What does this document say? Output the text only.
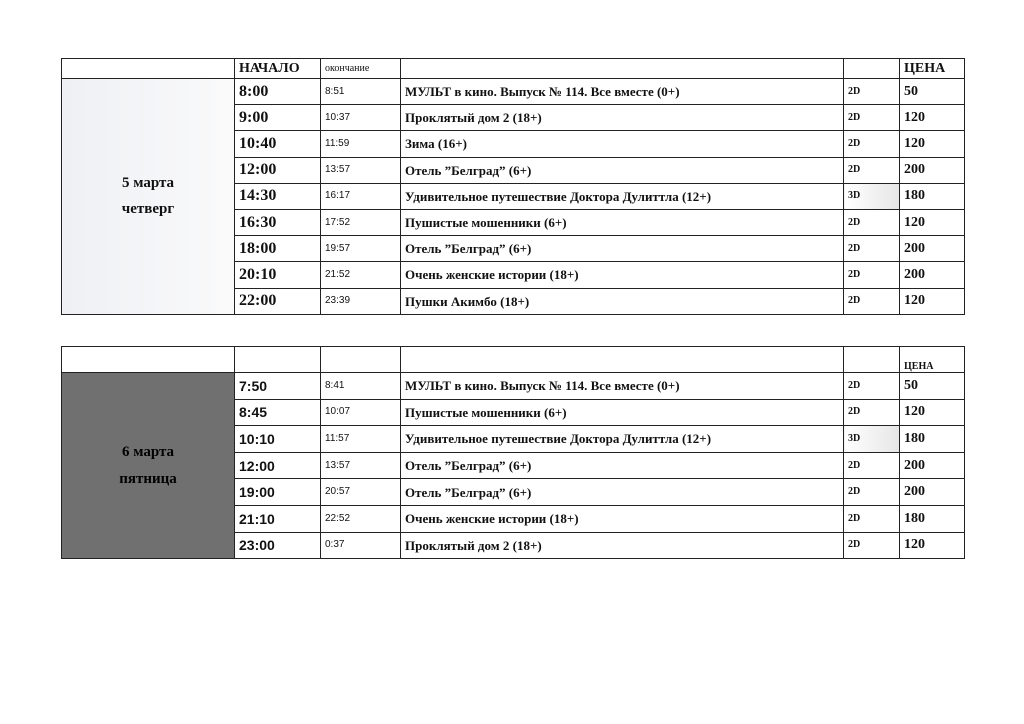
	НАЧАЛО	окончание			ЦЕНА
5 марта
четверг	8:00	8:51	МУЛЬТ в кино. Выпуск № 114. Все вместе (0+)	2D	50
	9:00	10:37	Проклятый дом 2 (18+)	2D	120
	10:40	11:59	Зима (16+)	2D	120
	12:00	13:57	Отель ”Белград” (6+)	2D	200
	14:30	16:17	Удивительное путешествие Доктора Дулиттла (12+)	3D	180
	16:30	17:52	Пушистые мошенники (6+)	2D	120
	18:00	19:57	Отель ”Белград” (6+)	2D	200
	20:10	21:52	Очень женские истории (18+)	2D	200
	22:00	23:39	Пушки Акимбо (18+)	2D	120
					ЦЕНА
6 марта
пятница	7:50	8:41	МУЛЬТ в кино. Выпуск № 114. Все вместе (0+)	2D	50
	8:45	10:07	Пушистые мошенники (6+)	2D	120
	10:10	11:57	Удивительное путешествие Доктора Дулиттла (12+)	3D	180
	12:00	13:57	Отель ”Белград” (6+)	2D	200
	19:00	20:57	Отель ”Белград” (6+)	2D	200
	21:10	22:52	Очень женские истории (18+)	2D	180
	23:00	0:37	Проклятый дом 2 (18+)	2D	120
